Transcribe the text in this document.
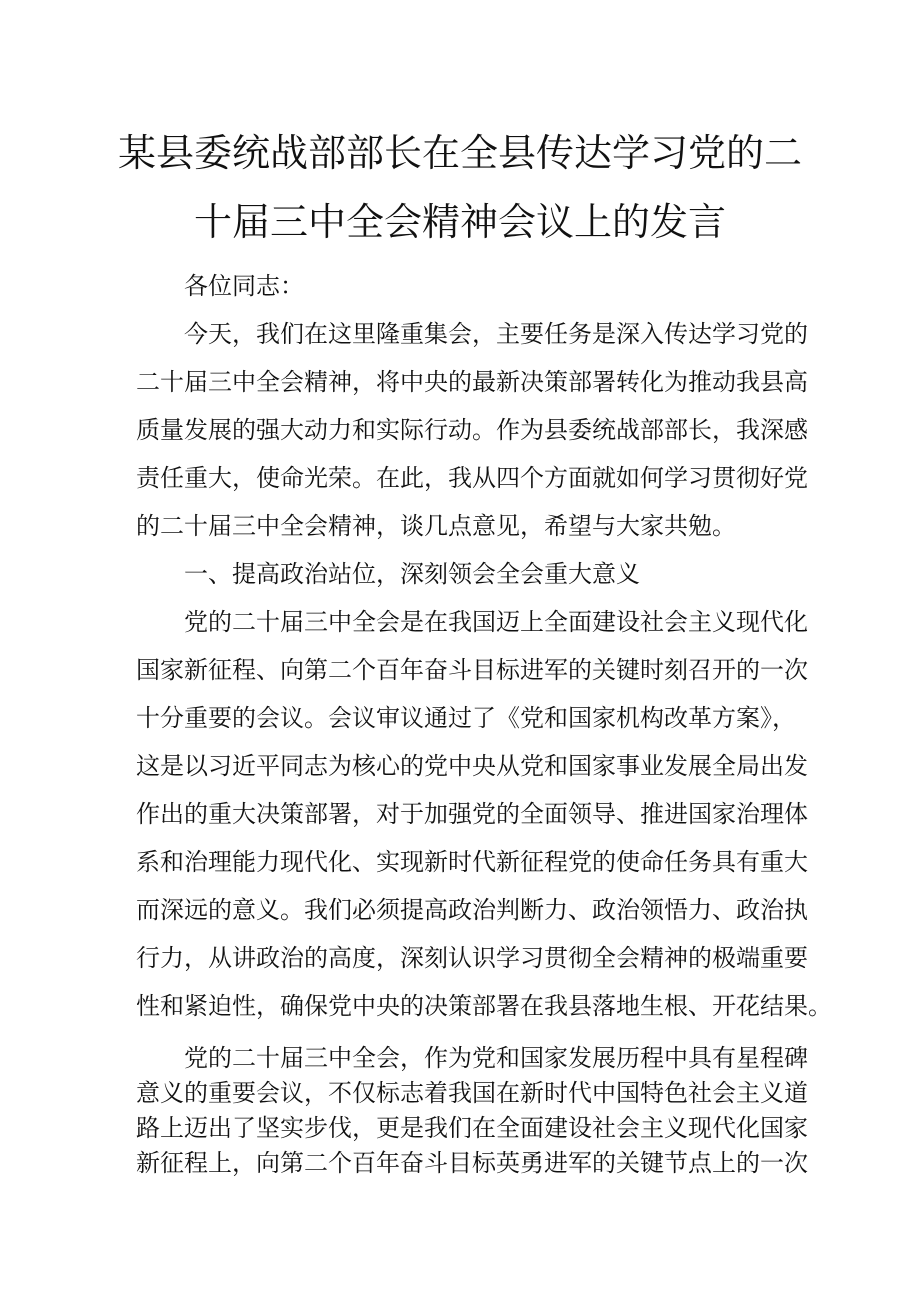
某县委统战部部长在全县传达学习党的二
十届三中全会精神会议上的发言
各位同志：
今天，我们在这里隆重集会，主要任务是深入传达学习党的
二十届三中全会精神，将中央的最新决策部署转化为推动我县高
质量发展的强大动力和实际行动。作为县委统战部部长，我深感
责任重大，使命光荣。在此，我从四个方面就如何学习贯彻好党
的二十届三中全会精神，谈几点意见，希望与大家共勉。
一、提高政治站位，深刻领会全会重大意义
党的二十届三中全会是在我国迈上全面建设社会主义现代化
国家新征程、向第二个百年奋斗目标进军的关键时刻召开的一次
十分重要的会议。会议审议通过了《党和国家机构改革方案》，
这是以习近平同志为核心的党中央从党和国家事业发展全局出发
作出的重大决策部署，对于加强党的全面领导、推进国家治理体
系和治理能力现代化、实现新时代新征程党的使命任务具有重大
而深远的意义。我们必须提高政治判断力、政治领悟力、政治执
行力，从讲政治的高度，深刻认识学习贯彻全会精神的极端重要
性和紧迫性，确保党中央的决策部署在我县落地生根、开花结果。
党的二十届三中全会，作为党和国家发展历程中具有星程碑
意义的重要会议，不仅标志着我国在新时代中国特色社会主义道
路上迈出了坚实步伐，更是我们在全面建设社会主义现代化国家
新征程上，向第二个百年奋斗目标英勇进军的关键节点上的一次
